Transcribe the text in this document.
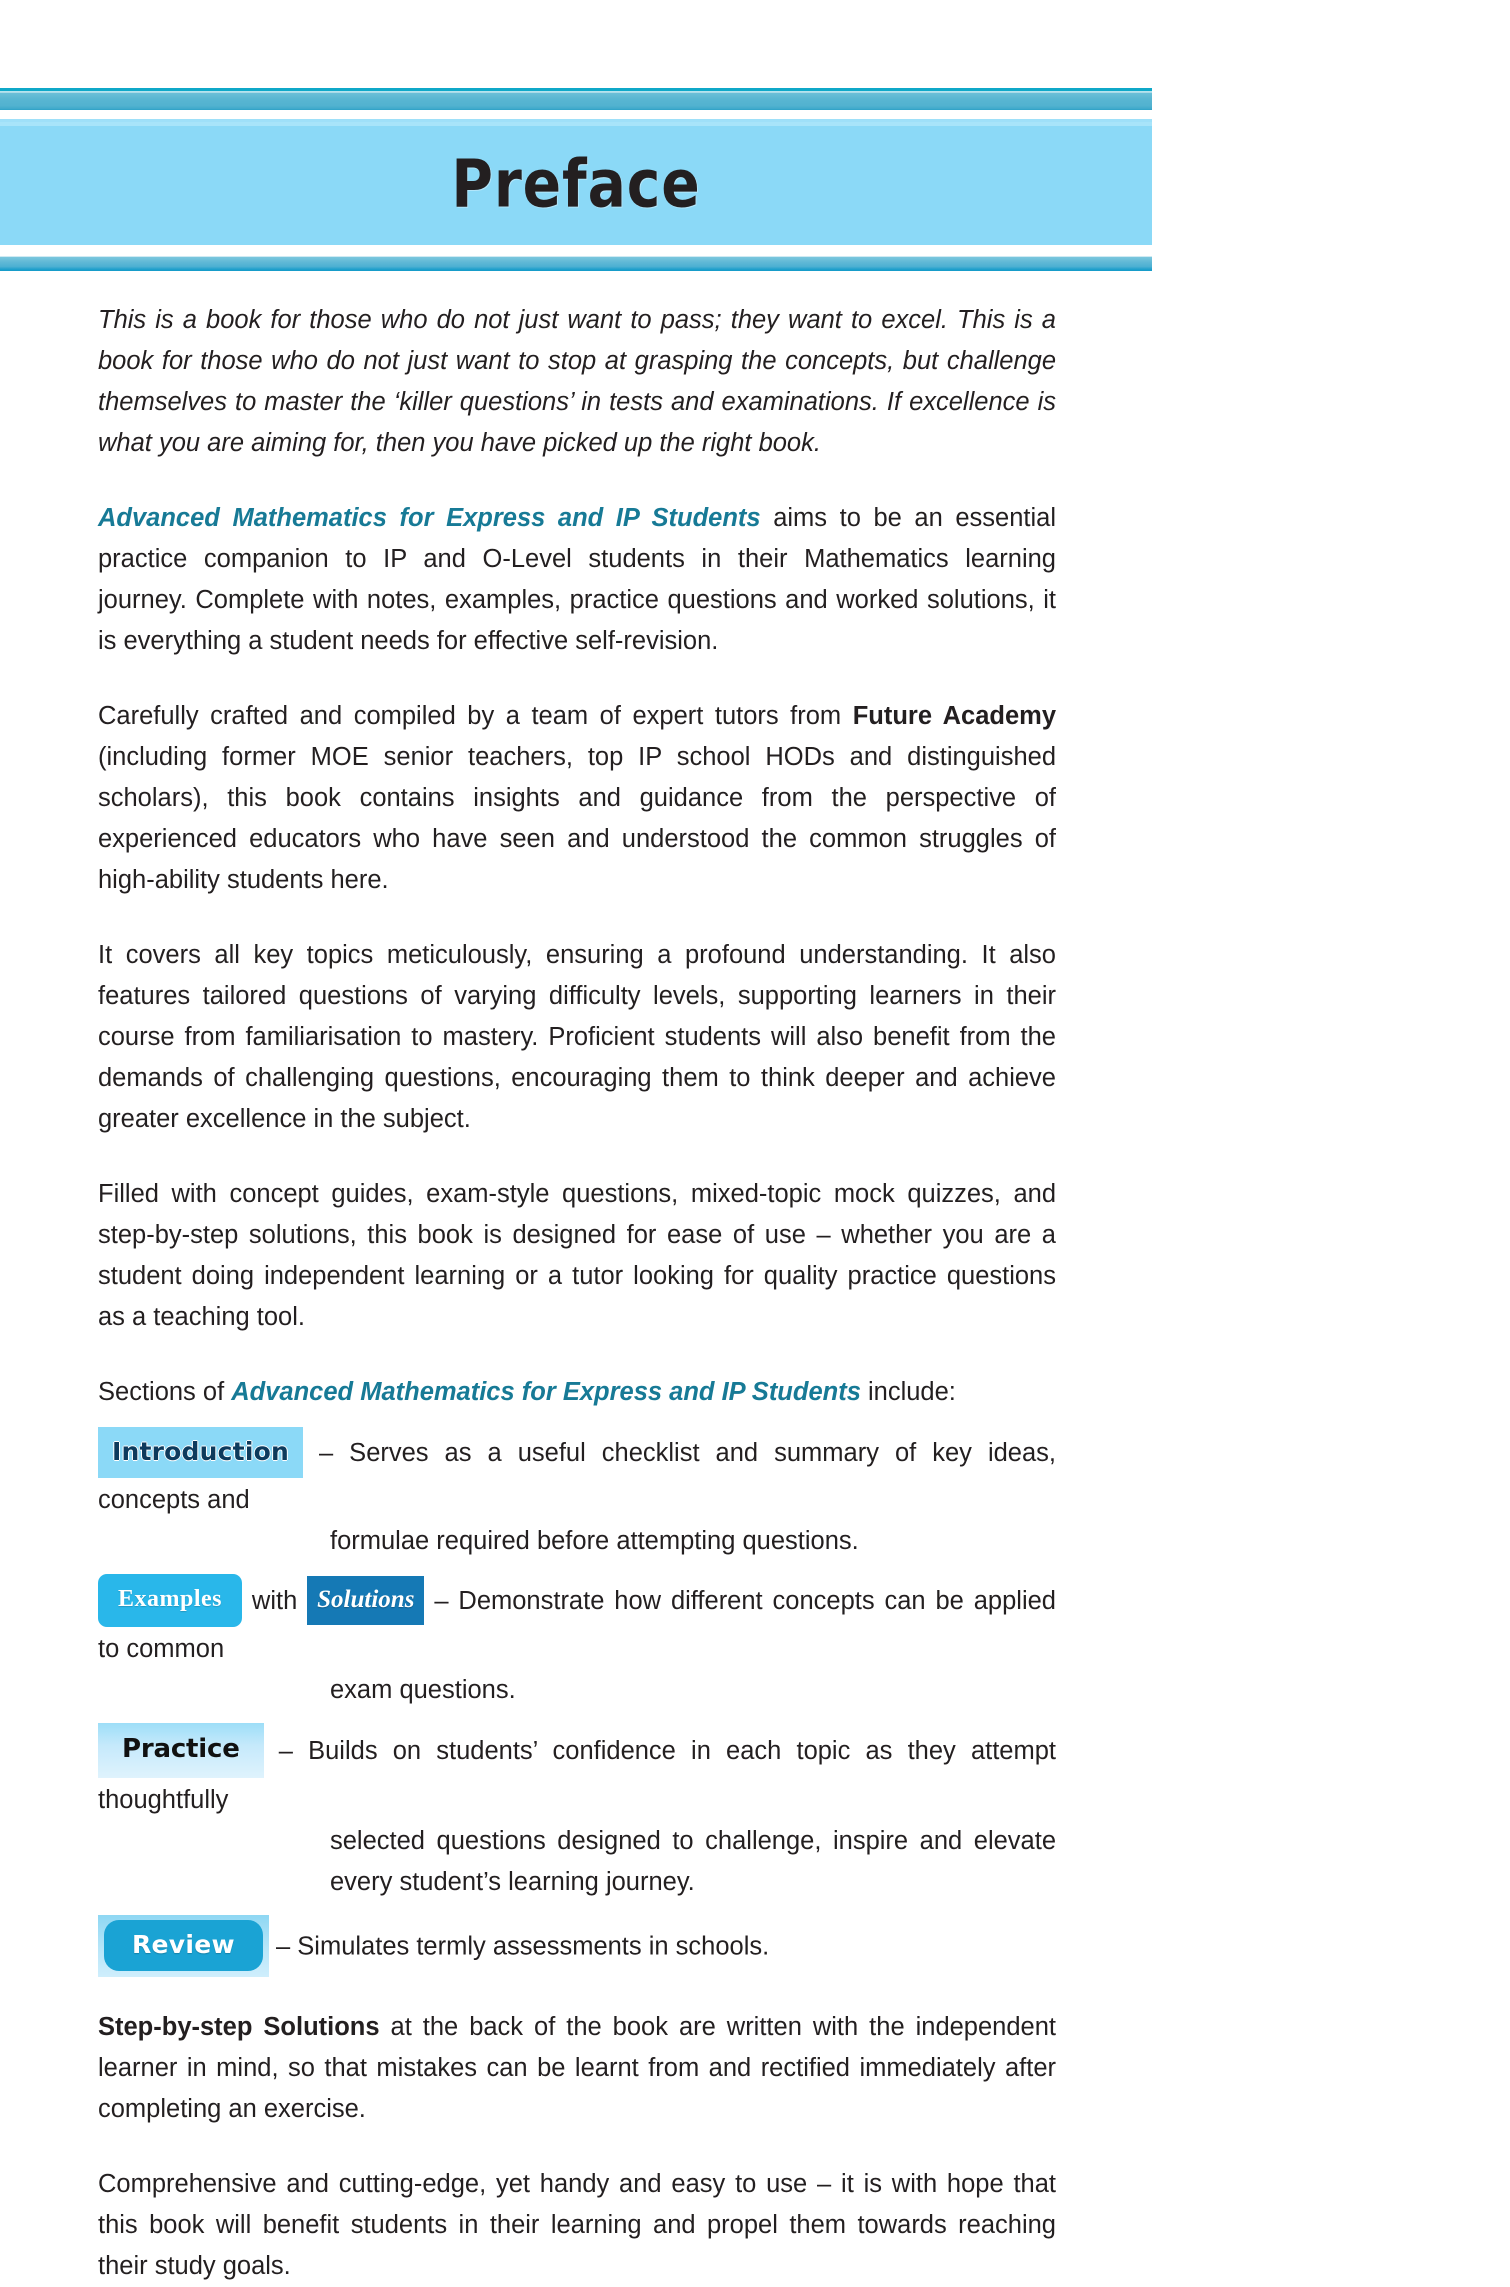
Preface

This is a book for those who do not just want to pass; they want to excel. This is a book for those who do not just want to stop at grasping the concepts, but challenge themselves to master the ‘killer questions’ in tests and examinations. If excellence is what you are aiming for, then you have picked up the right book.

Advanced Mathematics for Express and IP Students aims to be an essential practice companion to IP and O-Level students in their Mathematics learning journey. Complete with notes, examples, practice questions and worked solutions, it is everything a student needs for effective self-revision.

Carefully crafted and compiled by a team of expert tutors from Future Academy (including former MOE senior teachers, top IP school HODs and distinguished scholars), this book contains insights and guidance from the perspective of experienced educators who have seen and understood the common struggles of high-ability students here.

It covers all key topics meticulously, ensuring a profound understanding. It also features tailored questions of varying difficulty levels, supporting learners in their course from familiarisation to mastery. Proficient students will also benefit from the demands of challenging questions, encouraging them to think deeper and achieve greater excellence in the subject.

Filled with concept guides, exam-style questions, mixed-topic mock quizzes, and step-by-step solutions, this book is designed for ease of use – whether you are a student doing independent learning or a tutor looking for quality practice questions as a teaching tool.

Sections of Advanced Mathematics for Express and IP Students include:

Introduction – Serves as a useful checklist and summary of key ideas, concepts and
formulae required before attempting questions.
Examples with Solutions – Demonstrate how different concepts can be applied to common
exam questions.
Practice – Builds on students’ confidence in each topic as they attempt thoughtfully
selected questions designed to challenge, inspire and elevate every student’s learning journey.
Review – Simulates termly assessments in schools.

Step-by-step Solutions at the back of the book are written with the independent learner in mind, so that mistakes can be learnt from and rectified immediately after completing an exercise.

Comprehensive and cutting-edge, yet handy and easy to use – it is with hope that this book will benefit students in their learning and propel them towards reaching their study goals.
